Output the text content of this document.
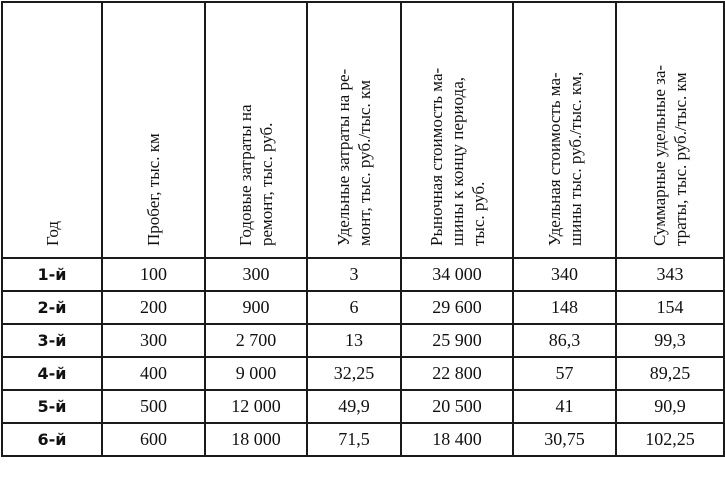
Год	Пробег, тыс. км	Годовые затраты на ремонт, тыс. руб.	Удельные затраты на ре- монт, тыс. руб./тыс. км	Рыночная стоимость ма- шины к концу периода, тыс. руб.	Удельная стоимость ма- шины тыс. руб./тыс. км,	Суммарные удельные за- траты, тыс. руб./тыс. км

1-й	100	300	3	34 000	340	343
2-й	200	900	6	29 600	148	154
3-й	300	2 700	13	25 900	86,3	99,3
4-й	400	9 000	32,25	22 800	57	89,25
5-й	500	12 000	49,9	20 500	41	90,9
6-й	600	18 000	71,5	18 400	30,75	102,25
